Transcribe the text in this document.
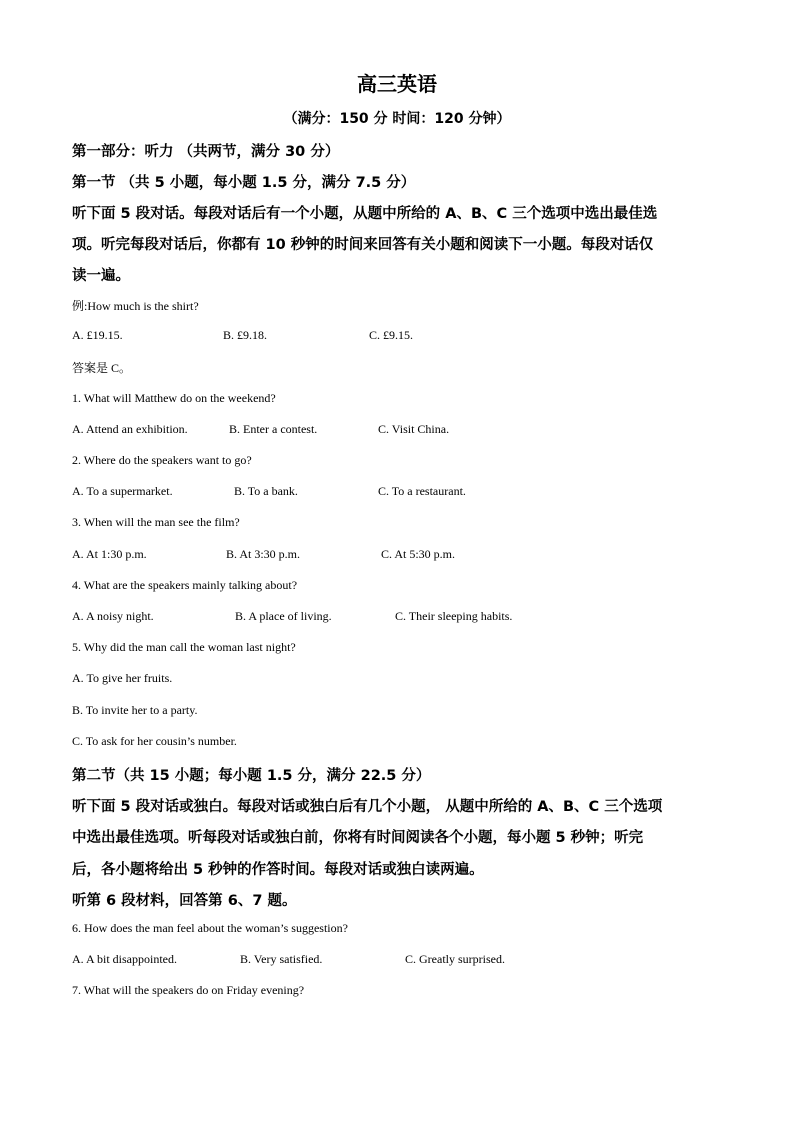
高三英语
（满分：150 分 时间：120 分钟）
第一部分：听力 （共两节，满分 30 分）
第一节 （共 5 小题，每小题 1.5 分，满分 7.5 分）
听下面 5 段对话。每段对话后有一个小题，从题中所给的 A、B、C 三个选项中选出最佳选
项。听完每段对话后，你都有 10 秒钟的时间来回答有关小题和阅读下一小题。每段对话仅
读一遍。
例:How much is the shirt?
A. £19.15.	B. £9.18.	C. £9.15.
答案是 C。
1. What will Matthew do on the weekend?
A. Attend an exhibition.	B. Enter a contest.	C. Visit China.
2. Where do the speakers want to go?
A. To a supermarket.	B. To a bank.	C. To a restaurant.
3. When will the man see the film?
A. At 1:30 p.m.	B. At 3:30 p.m.	C. At 5:30 p.m.
4. What are the speakers mainly talking about?
A. A noisy night.	B. A place of living.	C. Their sleeping habits.
5. Why did the man call the woman last night?
A. To give her fruits.
B. To invite her to a party.
C. To ask for her cousin’s number.
第二节（共 15 小题；每小题 1.5 分，满分 22.5 分）
听下面 5 段对话或独白。每段对话或独白后有几个小题， 从题中所给的 A、B、C 三个选项
中选出最佳选项。听每段对话或独白前，你将有时间阅读各个小题，每小题 5 秒钟；听完
后，各小题将给出 5 秒钟的作答时间。每段对话或独白读两遍。
听第 6 段材料，回答第 6、7 题。
6. How does the man feel about the woman’s suggestion?
A. A bit disappointed.	B. Very satisfied.	C. Greatly surprised.
7. What will the speakers do on Friday evening?
